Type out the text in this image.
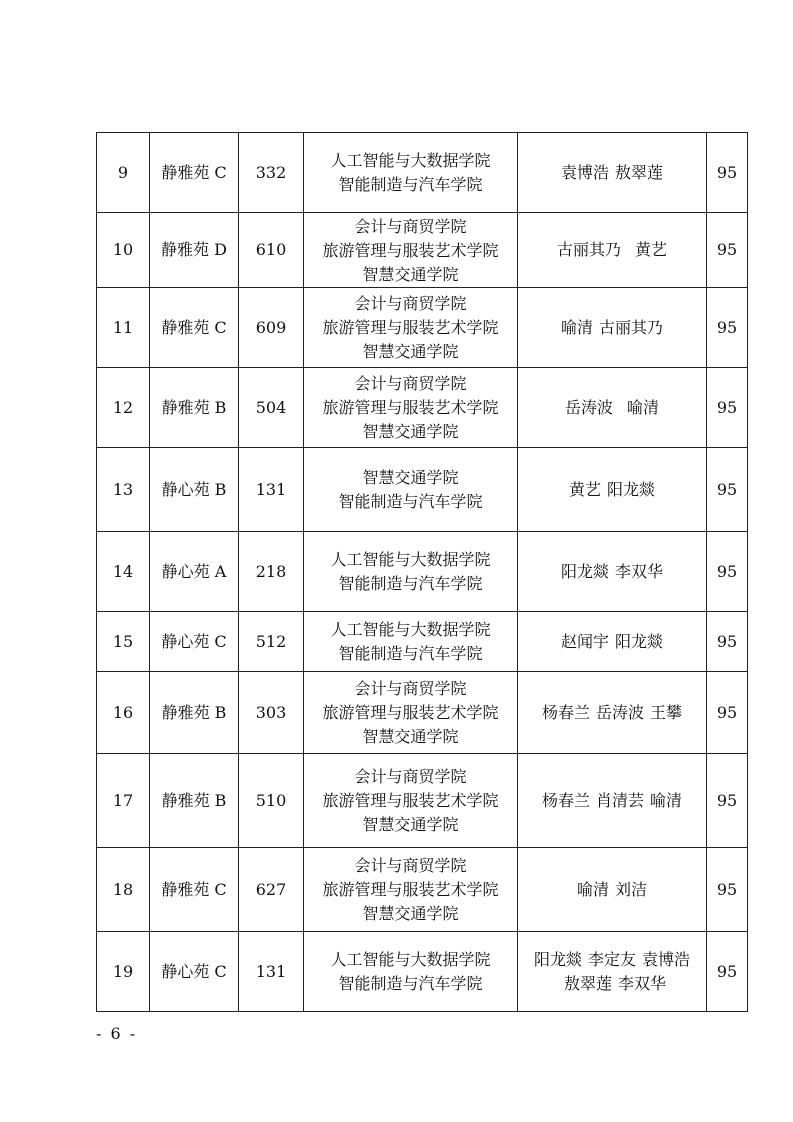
9	静雅苑 C	332	人工智能与大数据学院
智能制造与汽车学院	袁博浩 敖翠莲	95
10	静雅苑 D	610	会计与商贸学院
旅游管理与服装艺术学院
智慧交通学院	古丽其乃 黄艺	95
11	静雅苑 C	609	会计与商贸学院
旅游管理与服装艺术学院
智慧交通学院	喻清 古丽其乃	95
12	静雅苑 B	504	会计与商贸学院
旅游管理与服装艺术学院
智慧交通学院	岳涛波 喻清	95
13	静心苑 B	131	智慧交通学院
智能制造与汽车学院	黄艺 阳龙燚	95
14	静心苑 A	218	人工智能与大数据学院
智能制造与汽车学院	阳龙燚 李双华	95
15	静心苑 C	512	人工智能与大数据学院
智能制造与汽车学院	赵闻宇 阳龙燚	95
16	静雅苑 B	303	会计与商贸学院
旅游管理与服装艺术学院
智慧交通学院	杨春兰 岳涛波 王攀	95
17	静雅苑 B	510	会计与商贸学院
旅游管理与服装艺术学院
智慧交通学院	杨春兰 肖清芸 喻清	95
18	静雅苑 C	627	会计与商贸学院
旅游管理与服装艺术学院
智慧交通学院	喻清 刘洁	95
19	静心苑 C	131	人工智能与大数据学院
智能制造与汽车学院	阳龙燚 李定友 袁博浩
敖翠莲 李双华	95
- 6 -
